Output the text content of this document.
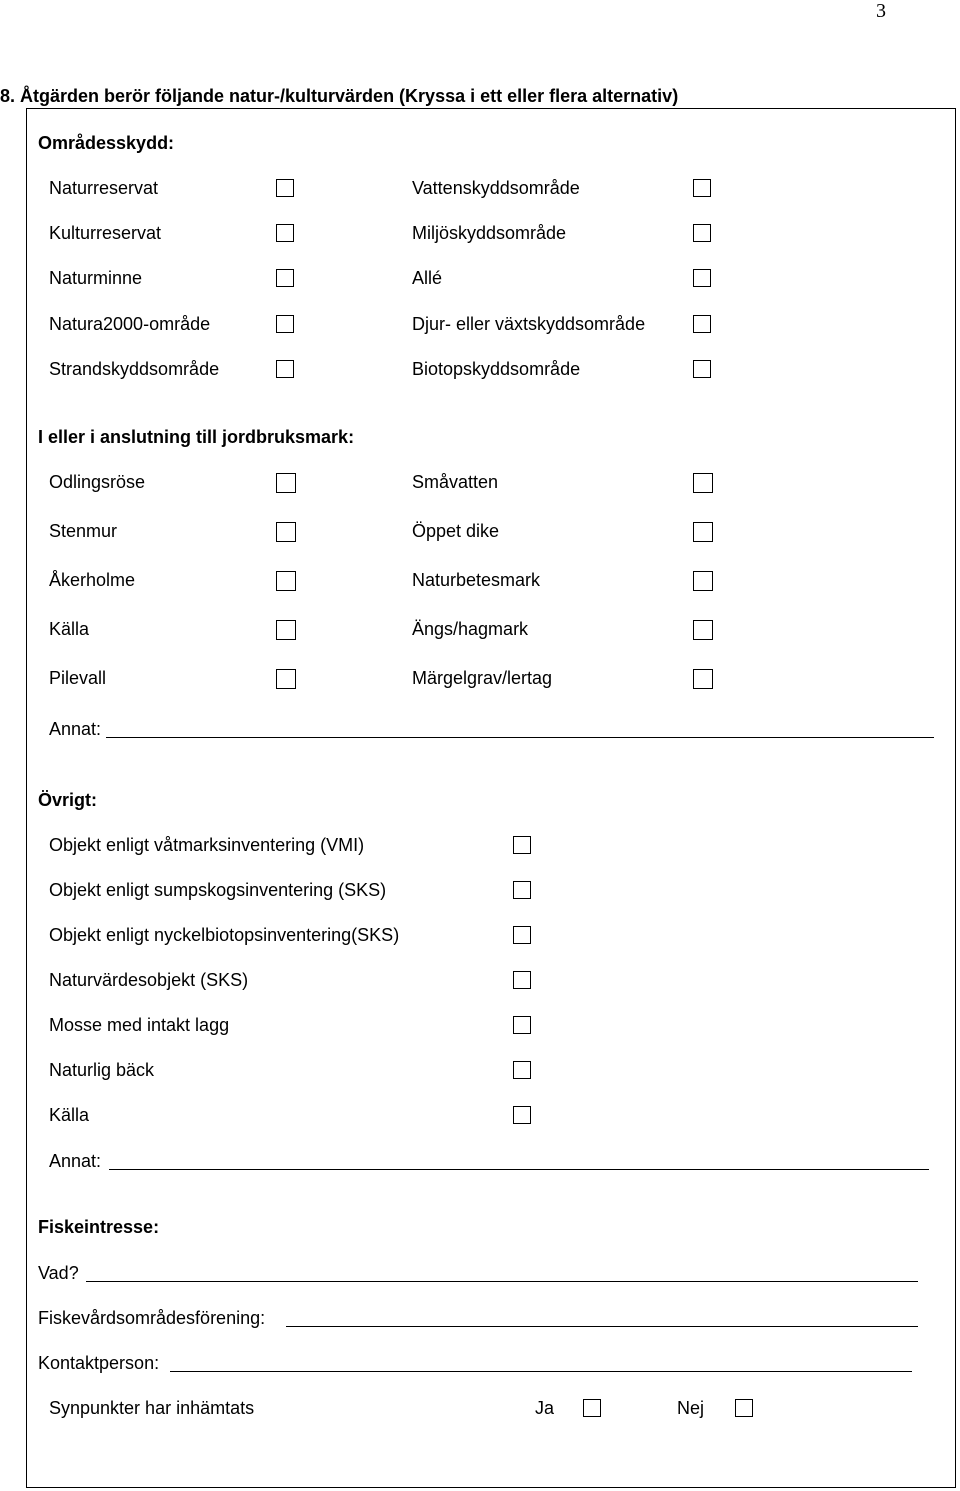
3
8. Åtgärden berör följande natur-/kulturvärden (Kryssa i ett eller flera alternativ)
Områdesskydd:
Naturreservat	Vattenskyddsområde
Kulturreservat	Miljöskyddsområde
Naturminne	Allé
Natura2000-område	Djur- eller växtskyddsområde
Strandskyddsområde	Biotopskyddsområde
I eller i anslutning till jordbruksmark:
Odlingsröse	Småvatten
Stenmur	Öppet dike
Åkerholme	Naturbetesmark
Källa	Ängs/hagmark
Pilevall	Märgelgrav/lertag
Annat:
Övrigt:
Objekt enligt våtmarksinventering (VMI)
Objekt enligt sumpskogsinventering (SKS)
Objekt enligt nyckelbiotopsinventering(SKS)
Naturvärdesobjekt (SKS)
Mosse med intakt lagg
Naturlig bäck
Källa
Annat:
Fiskeintresse:
Vad?
Fiskevårdsområdesförening:
Kontaktperson:
Synpunkter har inhämtats	Ja	Nej
